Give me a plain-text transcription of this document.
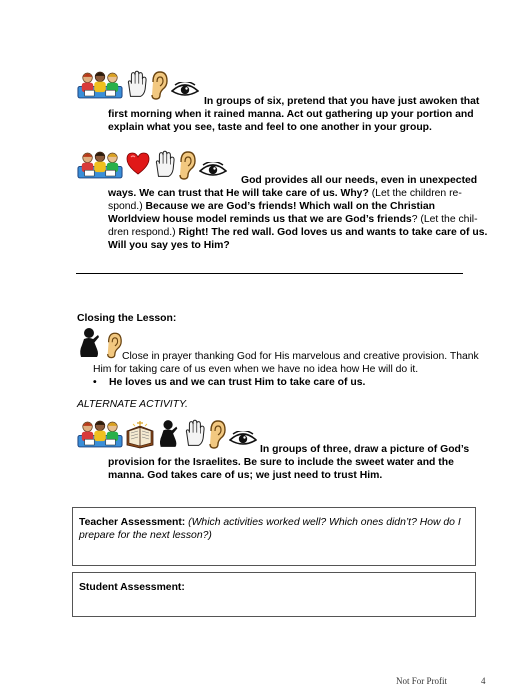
In groups of six, pretend that you have just awoken that first morning when it rained manna. Act out gathering up your portion and explain what you see, taste and feel to one another in your group.
God provides all our needs, even in unexpected ways. We can trust that He will take care of us. Why? (Let the children re-spond.) Because we are God’s friends! Which wall on the Christian Worldview house model reminds us that we are God’s friends? (Let the chil-dren respond.) Right! The red wall. God loves us and wants to take care of us. Will you say yes to Him?
Closing the Lesson:
Close in prayer thanking God for His marvelous and creative provision. Thank Him for taking care of us even when we have no idea how He will do it.
• He loves us and we can trust Him to take care of us.
ALTERNATE ACTIVITY.
In groups of three, draw a picture of God’s provision for the Israelites. Be sure to include the sweet water and the manna. God takes care of us; we just need to trust Him.
Teacher Assessment: (Which activities worked well? Which ones didn’t? How do I prepare for the next lesson?)
Student Assessment:
Not For Profit	4
